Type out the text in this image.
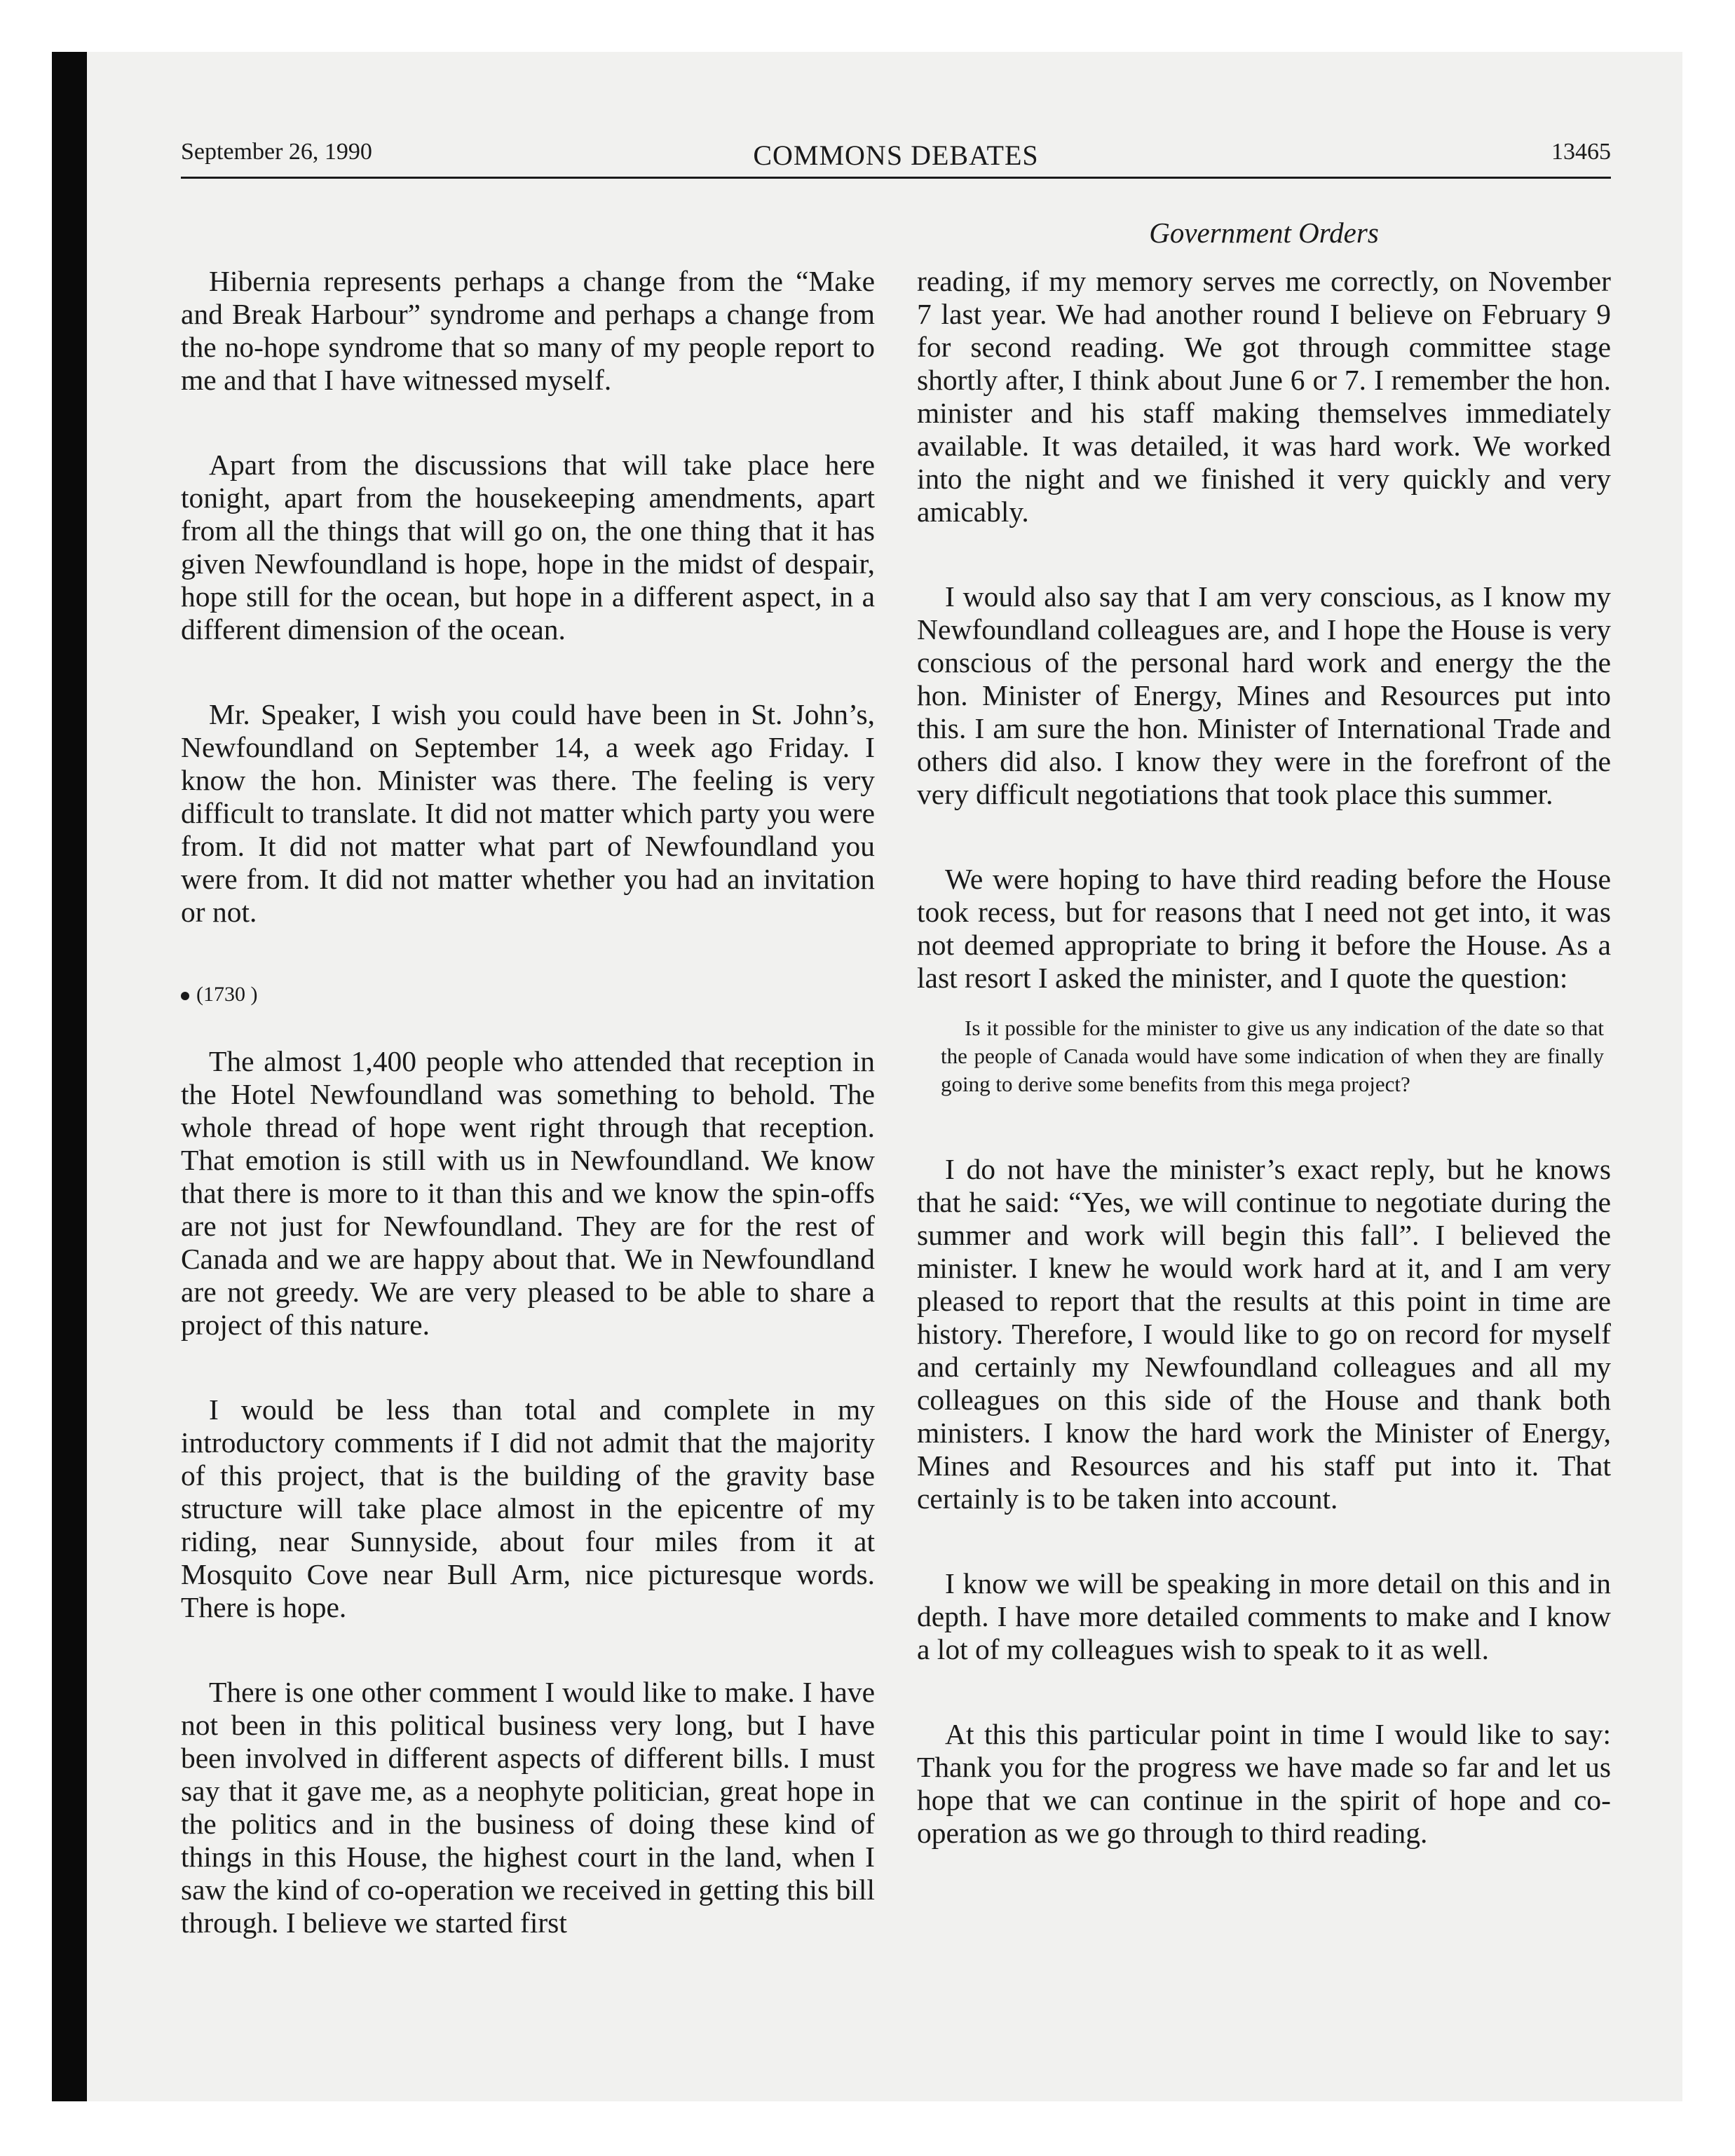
September 26, 1990	COMMONS DEBATES	13465
Government Orders

Hibernia represents perhaps a change from the “Make and Break Harbour” syndrome and perhaps a change from the no-hope syndrome that so many of my people report to me and that I have witnessed myself.

Apart from the discussions that will take place here tonight, apart from the housekeeping amendments, apart from all the things that will go on, the one thing that it has given Newfoundland is hope, hope in the midst of despair, hope still for the ocean, but hope in a different aspect, in a different dimension of the ocean.

Mr. Speaker, I wish you could have been in St. John’s, Newfoundland on September 14, a week ago Friday. I know the hon. Minister was there. The feeling is very difficult to translate. It did not matter which party you were from. It did not matter what part of Newfoundland you were from. It did not matter whether you had an invitation or not.

(1730 )

The almost 1,400 people who attended that reception in the Hotel Newfoundland was something to behold. The whole thread of hope went right through that reception. That emotion is still with us in Newfoundland. We know that there is more to it than this and we know the spin-offs are not just for Newfoundland. They are for the rest of Canada and we are happy about that. We in Newfoundland are not greedy. We are very pleased to be able to share a project of this nature.

I would be less than total and complete in my introductory comments if I did not admit that the majority of this project, that is the building of the gravity base structure will take place almost in the epicentre of my riding, near Sunnyside, about four miles from it at Mosquito Cove near Bull Arm, nice picturesque words. There is hope.

There is one other comment I would like to make. I have not been in this political business very long, but I have been involved in different aspects of different bills. I must say that it gave me, as a neophyte politician, great hope in the politics and in the business of doing these kind of things in this House, the highest court in the land, when I saw the kind of co-operation we received in getting this bill through. I believe we started first

reading, if my memory serves me correctly, on November 7 last year. We had another round I believe on February 9 for second reading. We got through committee stage shortly after, I think about June 6 or 7. I remember the hon. minister and his staff making themselves immediately available. It was detailed, it was hard work. We worked into the night and we finished it very quickly and very amicably.

I would also say that I am very conscious, as I know my Newfoundland colleagues are, and I hope the House is very conscious of the personal hard work and energy the the hon. Minister of Energy, Mines and Resources put into this. I am sure the hon. Minister of International Trade and others did also. I know they were in the forefront of the very difficult negotiations that took place this summer.

We were hoping to have third reading before the House took recess, but for reasons that I need not get into, it was not deemed appropriate to bring it before the House. As a last resort I asked the minister, and I quote the question:

Is it possible for the minister to give us any indication of the date so that the people of Canada would have some indication of when they are finally going to derive some benefits from this mega project?

I do not have the minister’s exact reply, but he knows that he said: “Yes, we will continue to negotiate during the summer and work will begin this fall”. I believed the minister. I knew he would work hard at it, and I am very pleased to report that the results at this point in time are history. Therefore, I would like to go on record for myself and certainly my Newfoundland colleagues and all my colleagues on this side of the House and thank both ministers. I know the hard work the Minister of Energy, Mines and Resources and his staff put into it. That certainly is to be taken into account.

I know we will be speaking in more detail on this and in depth. I have more detailed comments to make and I know a lot of my colleagues wish to speak to it as well.

At this this particular point in time I would like to say: Thank you for the progress we have made so far and let us hope that we can continue in the spirit of hope and co-operation as we go through to third reading.
